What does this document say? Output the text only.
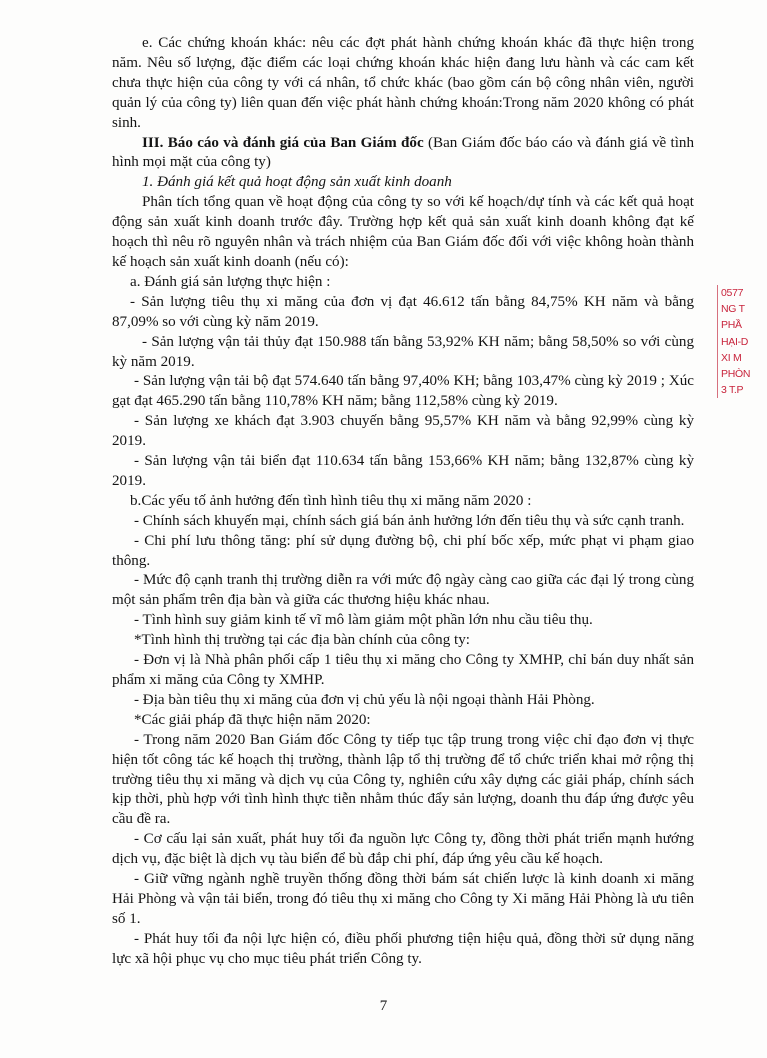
e. Các chứng khoán khác: nêu các đợt phát hành chứng khoán khác đã thực hiện trong năm. Nêu số lượng, đặc điểm các loại chứng khoán khác hiện đang lưu hành và các cam kết chưa thực hiện của công ty với cá nhân, tổ chức khác (bao gồm cán bộ công nhân viên, người quản lý của công ty) liên quan đến việc phát hành chứng khoán:Trong năm 2020 không có phát sinh.

III. Báo cáo và đánh giá của Ban Giám đốc (Ban Giám đốc báo cáo và đánh giá về tình hình mọi mặt của công ty)

1. Đánh giá kết quả hoạt động sản xuất kinh doanh

Phân tích tổng quan về hoạt động của công ty so với kế hoạch/dự tính và các kết quả hoạt động sản xuất kinh doanh trước đây. Trường hợp kết quả sản xuất kinh doanh không đạt kế hoạch thì nêu rõ nguyên nhân và trách nhiệm của Ban Giám đốc đối với việc không hoàn thành kế hoạch sản xuất kinh doanh (nếu có):

a. Đánh giá sản lượng thực hiện :

- Sản lượng tiêu thụ xi măng của đơn vị đạt 46.612 tấn bằng 84,75% KH năm và bằng 87,09% so với cùng kỳ năm 2019.

- Sản lượng vận tải thủy đạt 150.988 tấn bằng 53,92% KH năm; bằng 58,50% so với cùng kỳ năm 2019.

- Sản lượng vận tải bộ đạt 574.640 tấn bằng 97,40% KH; bằng 103,47% cùng kỳ 2019 ; Xúc gạt đạt 465.290 tấn bằng 110,78% KH năm; bằng 112,58% cùng kỳ 2019.

- Sản lượng xe khách đạt 3.903 chuyến bằng 95,57% KH năm và bằng 92,99% cùng kỳ 2019.

- Sản lượng vận tải biển đạt 110.634 tấn bằng 153,66% KH năm; bằng 132,87% cùng kỳ 2019.

b.Các yếu tố ảnh hưởng đến tình hình tiêu thụ xi măng năm 2020 :

- Chính sách khuyến mại, chính sách giá bán ảnh hưởng lớn đến tiêu thụ và sức cạnh tranh.

- Chi phí lưu thông tăng: phí sử dụng đường bộ, chi phí bốc xếp, mức phạt vi phạm giao thông.

- Mức độ cạnh tranh thị trường diễn ra với mức độ ngày càng cao giữa các đại lý trong cùng một sản phẩm trên địa bàn và giữa các thương hiệu khác nhau.

- Tình hình suy giảm kinh tế vĩ mô làm giảm một phần lớn nhu cầu tiêu thụ.

*Tình hình thị trường tại các địa bàn chính của công ty:

- Đơn vị là Nhà phân phối cấp 1 tiêu thụ xi măng cho Công ty XMHP, chỉ bán duy nhất sản phẩm xi măng của Công ty XMHP.

- Địa bàn tiêu thụ xi măng của đơn vị chủ yếu là nội ngoại thành Hải Phòng.

*Các giải pháp đã thực hiện năm 2020:

- Trong năm 2020 Ban Giám đốc Công ty tiếp tục tập trung trong việc chỉ đạo đơn vị thực hiện tốt công tác kế hoạch thị trường, thành lập tổ thị trường để tổ chức triển khai mở rộng thị trường tiêu thụ xi măng và dịch vụ của Công ty, nghiên cứu xây dựng các giải pháp, chính sách kịp thời, phù hợp với tình hình thực tiễn nhằm thúc đẩy sản lượng, doanh thu đáp ứng được yêu cầu đề ra.

- Cơ cấu lại sản xuất, phát huy tối đa nguồn lực Công ty, đồng thời phát triển mạnh hướng dịch vụ, đặc biệt là dịch vụ tàu biển để bù đắp chi phí, đáp ứng yêu cầu kế hoạch.

- Giữ vững ngành nghề truyền thống đồng thời bám sát chiến lược là kinh doanh xi măng Hải Phòng và vận tải biển, trong đó tiêu thụ xi măng cho Công ty Xi măng Hải Phòng là ưu tiên số 1.

- Phát huy tối đa nội lực hiện có, điều phối phương tiện hiệu quả, đồng thời sử dụng năng lực xã hội phục vụ cho mục tiêu phát triển Công ty.

0577
NG T
PHẦ
HẠI-D
XI M
PHÒN
3 T.P
7
